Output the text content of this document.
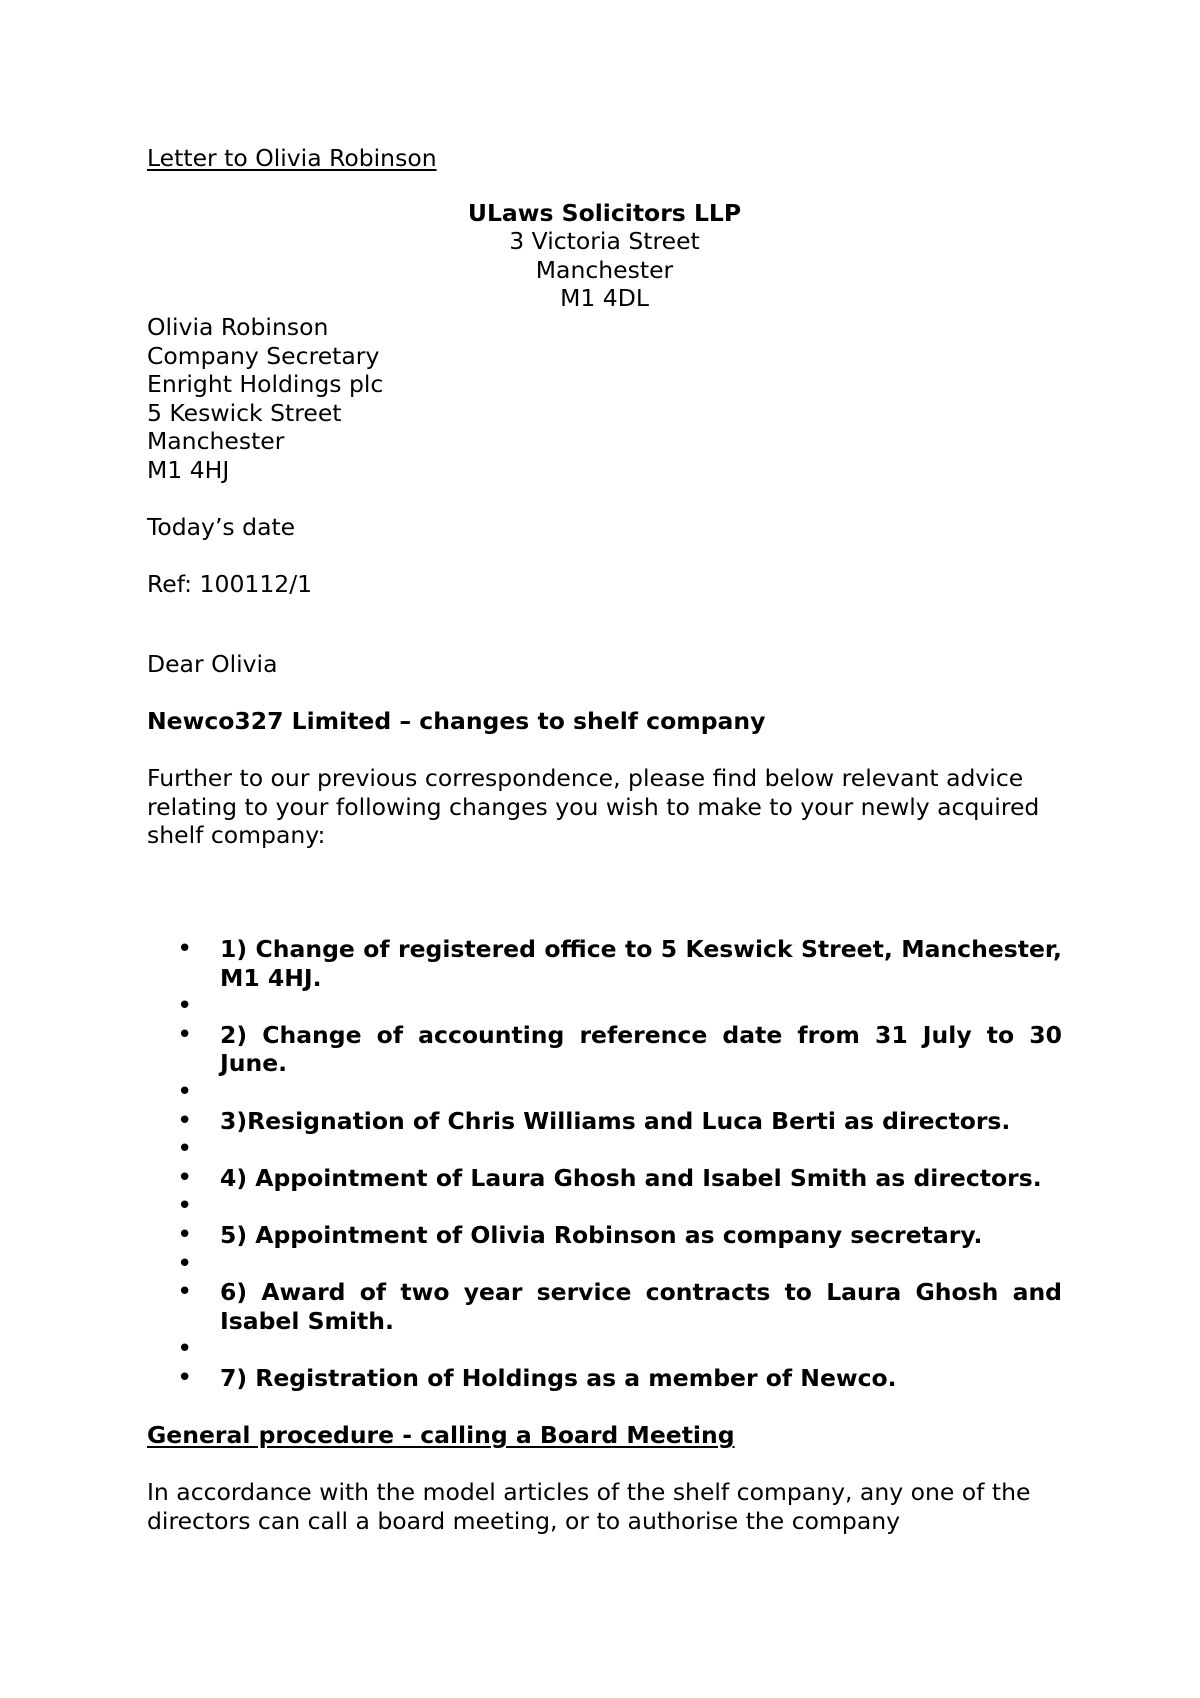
Letter to Olivia Robinson

ULaws Solicitors LLP

3 Victoria Street

Manchester

M1 4DL

Olivia Robinson

Company Secretary

Enright Holdings plc

5 Keswick Street

Manchester

M1 4HJ

Today’s date

Ref: 100112/1

Dear Olivia

Newco327 Limited – changes to shelf company

Further to our previous correspondence, please find below relevant advice relating to your following changes you wish to make to your newly acquired shelf company:

• 1) Change of registered office to 5 Keswick Street, Manchester, M1 4HJ.
•
• 2) Change of accounting reference date from 31 July to 30 June.
•
• 3)Resignation of Chris Williams and Luca Berti as directors.
•
• 4) Appointment of Laura Ghosh and Isabel Smith as directors.
•
• 5) Appointment of Olivia Robinson as company secretary.
•
• 6) Award of two year service contracts to Laura Ghosh and Isabel Smith.
•
• 7) Registration of Holdings as a member of Newco.

General procedure - calling a Board Meeting

In accordance with the model articles of the shelf company, any one of the directors can call a board meeting, or to authorise the company
